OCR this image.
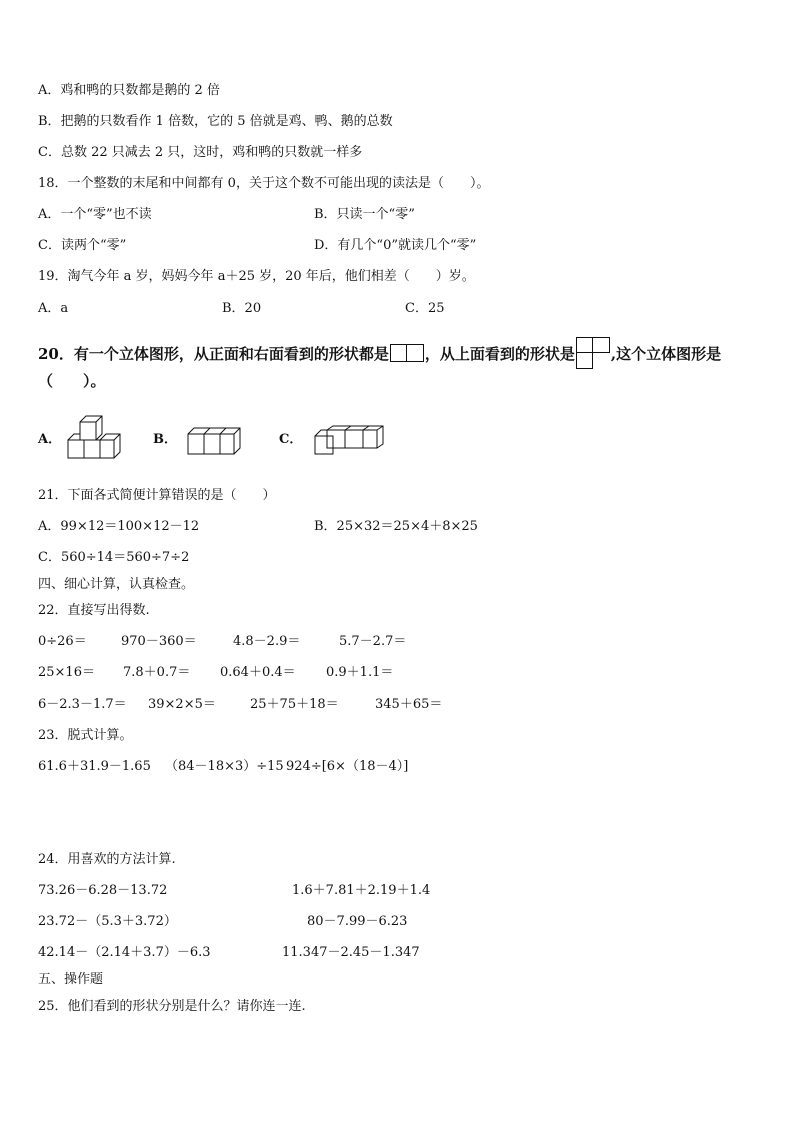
A．鸡和鸭的只数都是鹅的 2 倍
B．把鹅的只数看作 1 倍数，它的 5 倍就是鸡、鸭、鹅的总数
C．总数 22 只减去 2 只，这时，鸡和鸭的只数就一样多
18．一个整数的末尾和中间都有 0，关于这个数不可能出现的读法是（　　）。
A．一个“零”也不读	B．只读一个“零”
C．读两个“零”	D．有几个“0”就读几个“零”
19．淘气今年 a 岁，妈妈今年 a＋25 岁，20 年后，他们相差（　　）岁。
A．a	B．20	C．25
20．有一个立体图形，从正面和右面看到的形状都是 ，从上面看到的形状是 ,这个立体图形是
（　　）。
A．	B．	C．
21．下面各式简便计算错误的是（　　）
A．99×12＝100×12－12	B．25×32＝25×4＋8×25
C．560÷14＝560÷7÷2
四、细心计算，认真检查。
22．直接写出得数.
0÷26＝	970－360＝	4.8－2.9＝	5.7－2.7＝
25×16＝ 7.8＋0.7＝ 0.64＋0.4＝ 0.9＋1.1＝
6－2.3－1.7＝ 39×2×5＝	25＋75＋18＝	345＋65＝
23．脱式计算。
61.6＋31.9－1.65 （84－18×3）÷15 924÷[6×（18－4）]
24．用喜欢的方法计算.
73.26－6.28－13.72	1.6＋7.81＋2.19＋1.4
23.72－（5.3＋3.72）	80－7.99－6.23
42.14－（2.14＋3.7）－6.3	11.347－2.45－1.347
五、操作题
25．他们看到的形状分别是什么？请你连一连.
